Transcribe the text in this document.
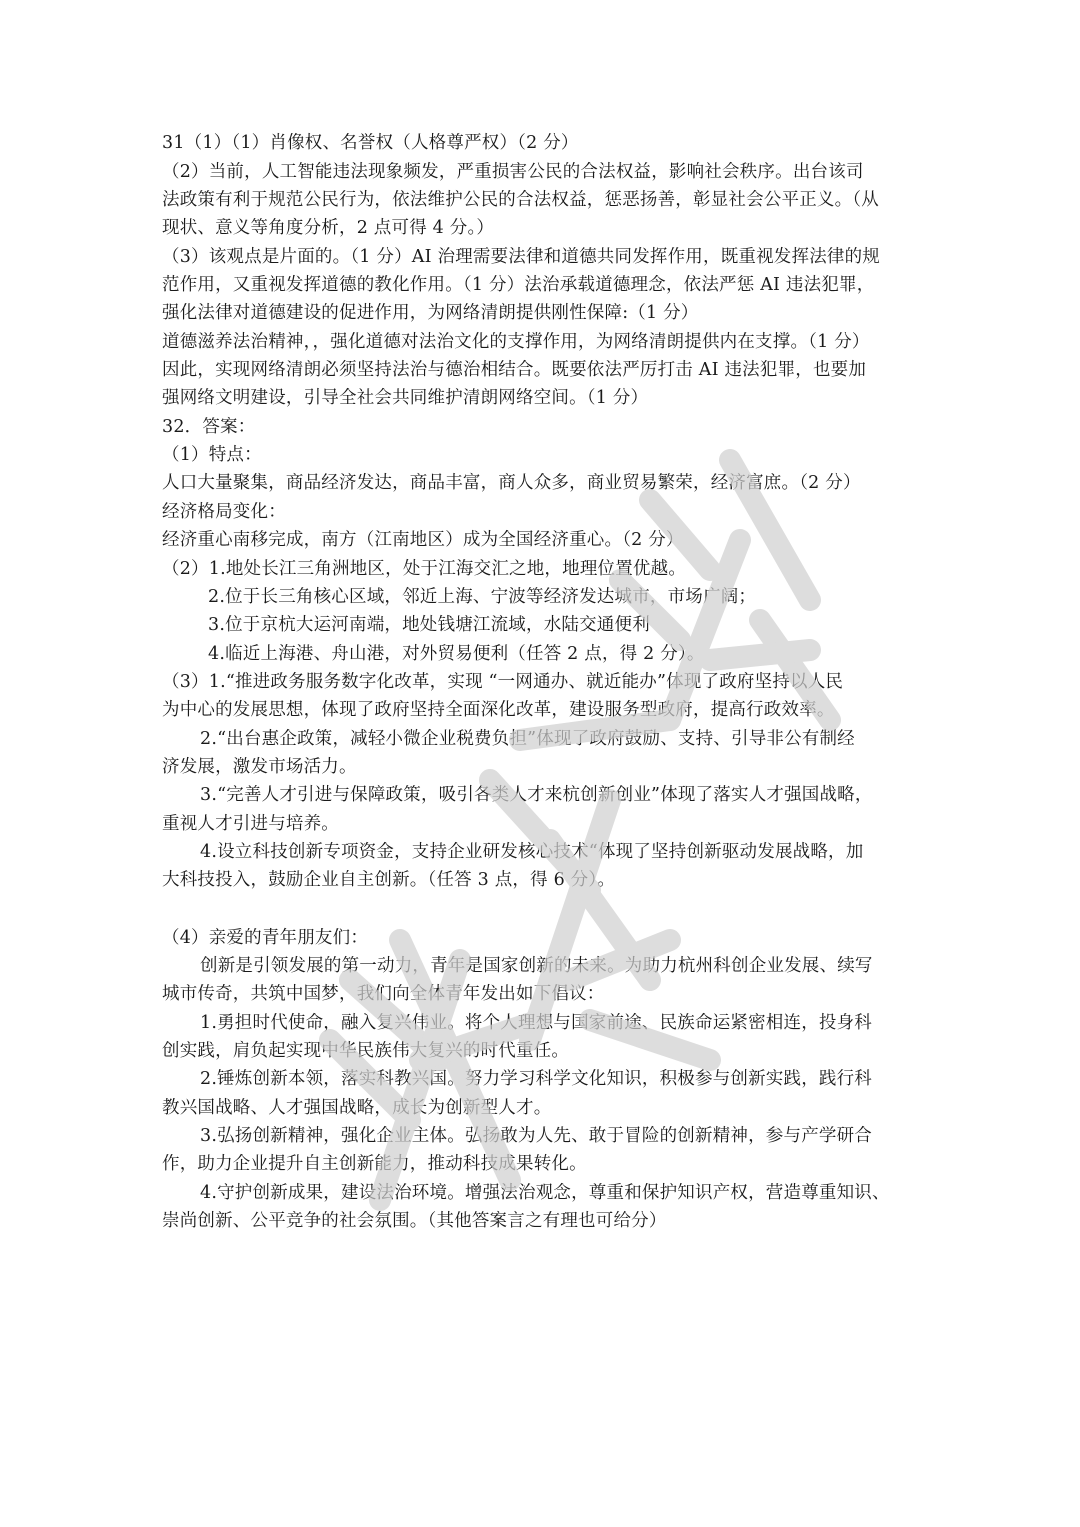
31（1）（1）肖像权、名誉权（人格尊严权）（2 分）
（2）当前，人工智能违法现象频发，严重损害公民的合法权益，影响社会秩序。出台该司
法政策有利于规范公民行为，依法维护公民的合法权益，惩恶扬善，彰显社会公平正义。（从
现状、意义等角度分析，2 点可得 4 分。）
（3）该观点是片面的。（1 分）AI 治理需要法律和道德共同发挥作用，既重视发挥法律的规
范作用，又重视发挥道德的教化作用。（1 分）法治承载道德理念，依法严惩 AI 违法犯罪，
强化法律对道德建设的促进作用，为网络清朗提供刚性保障:（1 分）
道德滋养法治精神，，强化道德对法治文化的支撑作用，为网络清朗提供内在支撑。（1 分）
因此，实现网络清朗必须坚持法治与德治相结合。既要依法严厉打击 AI 违法犯罪，也要加
强网络文明建设，引导全社会共同维护清朗网络空间。（1 分）
32．答案：
（1）特点：
人口大量聚集，商品经济发达，商品丰富，商人众多，商业贸易繁荣，经济富庶。（2 分）
经济格局变化：
经济重心南移完成，南方（江南地区）成为全国经济重心。（2 分）
（2）1.地处长江三角洲地区，处于江海交汇之地，地理位置优越。
2.位于长三角核心区域，邻近上海、宁波等经济发达城市，市场广阔；
3.位于京杭大运河南端，地处钱塘江流域，水陆交通便利
4.临近上海港、舟山港，对外贸易便利（任答 2 点，得 2 分）。
（3）1.“推进政务服务数字化改革，实现 “一网通办、就近能办”体现了政府坚持以人民
为中心的发展思想，体现了政府坚持全面深化改革，建设服务型政府，提高行政效率。
2.“出台惠企政策，减轻小微企业税费负担”体现了政府鼓励、支持、引导非公有制经
济发展，激发市场活力。
3.“完善人才引进与保障政策，吸引各类人才来杭创新创业”体现了落实人才强国战略，
重视人才引进与培养。
4.设立科技创新专项资金，支持企业研发核心技术“体现了坚持创新驱动发展战略，加
大科技投入，鼓励企业自主创新。（任答 3 点，得 6 分）。
（4）亲爱的青年朋友们：
创新是引领发展的第一动力，青年是国家创新的未来。为助力杭州科创企业发展、续写
城市传奇，共筑中国梦，我们向全体青年发出如下倡议：
1.勇担时代使命，融入复兴伟业。将个人理想与国家前途、民族命运紧密相连，投身科
创实践，肩负起实现中华民族伟大复兴的时代重任。
2.锤炼创新本领，落实科教兴国。努力学习科学文化知识，积极参与创新实践，践行科
教兴国战略、人才强国战略，成长为创新型人才。
3.弘扬创新精神，强化企业主体。弘扬敢为人先、敢于冒险的创新精神，参与产学研合
作，助力企业提升自主创新能力，推动科技成果转化。
4.守护创新成果，建设法治环境。增强法治观念，尊重和保护知识产权，营造尊重知识、
崇尚创新、公平竞争的社会氛围。（其他答案言之有理也可给分）
